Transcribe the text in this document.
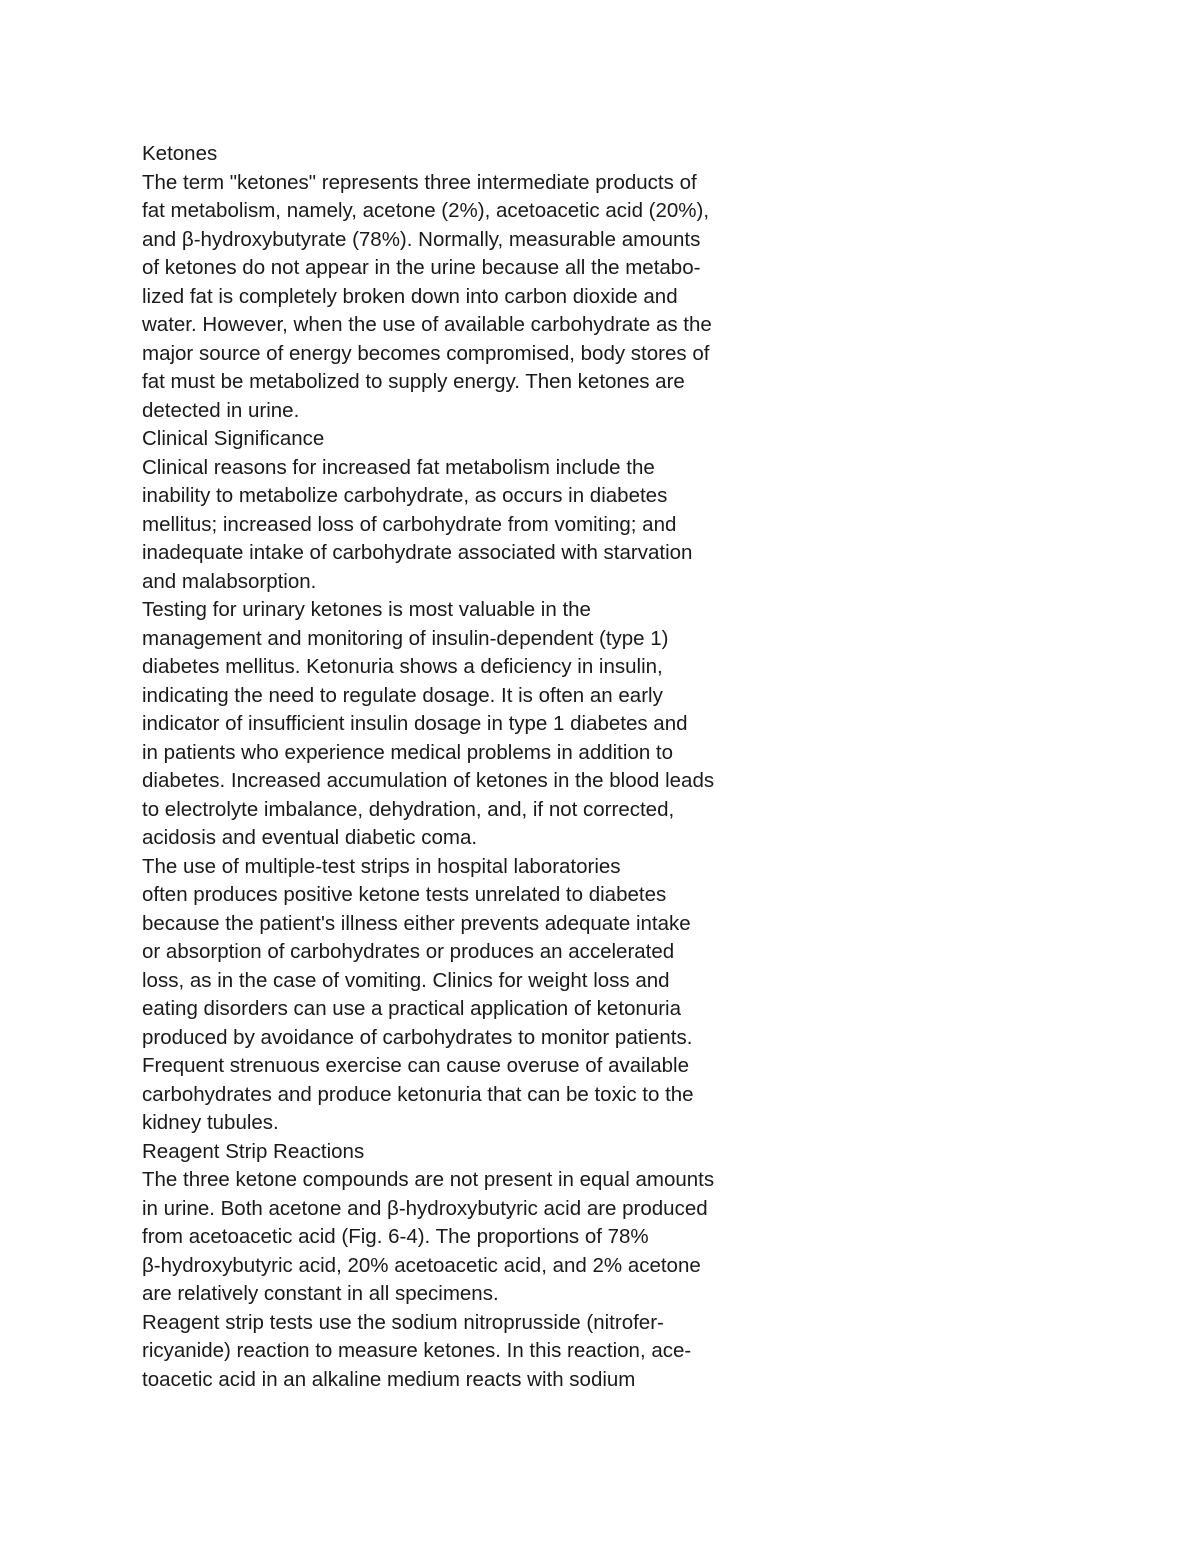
Ketones
The term "ketones" represents three intermediate products of
fat metabolism, namely, acetone (2%), acetoacetic acid (20%),
and β-hydroxybutyrate (78%). Normally, measurable amounts
of ketones do not appear in the urine because all the metabo-
lized fat is completely broken down into carbon dioxide and
water. However, when the use of available carbohydrate as the
major source of energy becomes compromised, body stores of
fat must be metabolized to supply energy. Then ketones are
detected in urine.
Clinical Significance
Clinical reasons for increased fat metabolism include the
inability to metabolize carbohydrate, as occurs in diabetes
mellitus; increased loss of carbohydrate from vomiting; and
inadequate intake of carbohydrate associated with starvation
and malabsorption.
Testing for urinary ketones is most valuable in the
management and monitoring of insulin-dependent (type 1)
diabetes mellitus. Ketonuria shows a deficiency in insulin,
indicating the need to regulate dosage. It is often an early
indicator of insufficient insulin dosage in type 1 diabetes and
in patients who experience medical problems in addition to
diabetes. Increased accumulation of ketones in the blood leads
to electrolyte imbalance, dehydration, and, if not corrected,
acidosis and eventual diabetic coma.
The use of multiple-test strips in hospital laboratories
often produces positive ketone tests unrelated to diabetes
because the patient's illness either prevents adequate intake
or absorption of carbohydrates or produces an accelerated
loss, as in the case of vomiting. Clinics for weight loss and
eating disorders can use a practical application of ketonuria
produced by avoidance of carbohydrates to monitor patients.
Frequent strenuous exercise can cause overuse of available
carbohydrates and produce ketonuria that can be toxic to the
kidney tubules.
Reagent Strip Reactions
The three ketone compounds are not present in equal amounts
in urine. Both acetone and β-hydroxybutyric acid are produced
from acetoacetic acid (Fig. 6-4). The proportions of 78%
β-hydroxybutyric acid, 20% acetoacetic acid, and 2% acetone
are relatively constant in all specimens.
Reagent strip tests use the sodium nitroprusside (nitrofer-
ricyanide) reaction to measure ketones. In this reaction, ace-
toacetic acid in an alkaline medium reacts with sodium
